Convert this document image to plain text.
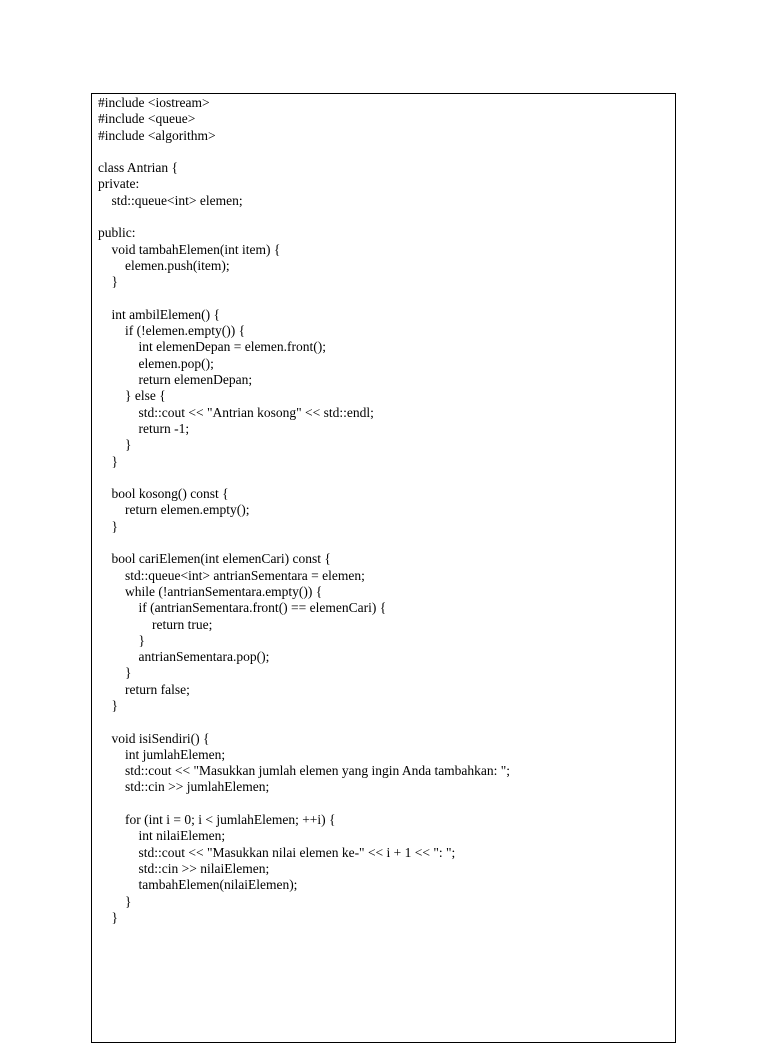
#include <iostream>
#include <queue>
#include <algorithm>
class Antrian {
private:
std::queue<int> elemen;
public:
void tambahElemen(int item) {
elemen.push(item);
}
int ambilElemen() {
if (!elemen.empty()) {
int elemenDepan = elemen.front();
elemen.pop();
return elemenDepan;
} else {
std::cout << "Antrian kosong" << std::endl;
return -1;
}
}
bool kosong() const {
return elemen.empty();
}
bool cariElemen(int elemenCari) const {
std::queue<int> antrianSementara = elemen;
while (!antrianSementara.empty()) {
if (antrianSementara.front() == elemenCari) {
return true;
}
antrianSementara.pop();
}
return false;
}
void isiSendiri() {
int jumlahElemen;
std::cout << "Masukkan jumlah elemen yang ingin Anda tambahkan: ";
std::cin >> jumlahElemen;
for (int i = 0; i < jumlahElemen; ++i) {
int nilaiElemen;
std::cout << "Masukkan nilai elemen ke-" << i + 1 << ": ";
std::cin >> nilaiElemen;
tambahElemen(nilaiElemen);
}
}
